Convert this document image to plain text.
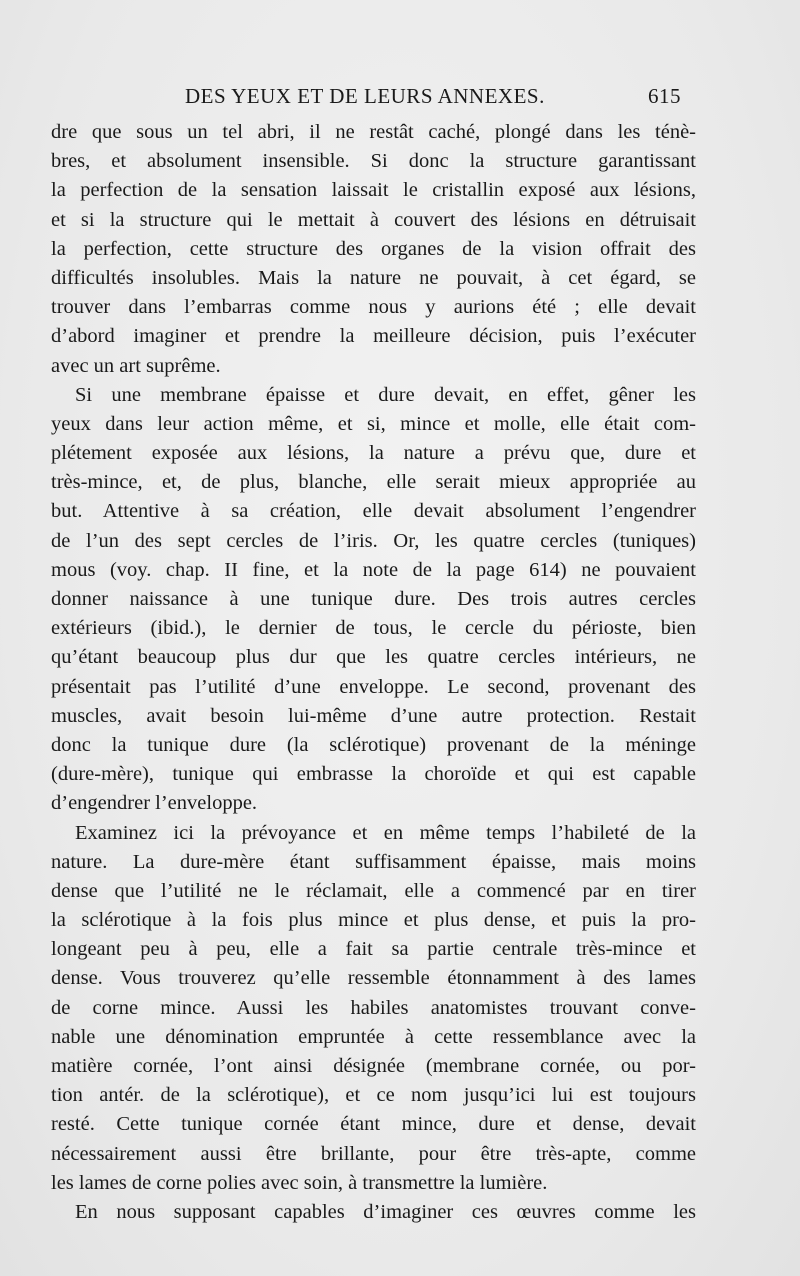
DES YEUX ET DE LEURS ANNEXES.	615
dre que sous un tel abri, il ne restât caché, plongé dans les ténè-
bres, et absolument insensible. Si donc la structure garantissant
la perfection de la sensation laissait le cristallin exposé aux lésions,
et si la structure qui le mettait à couvert des lésions en détruisait
la perfection, cette structure des organes de la vision offrait des
difficultés insolubles. Mais la nature ne pouvait, à cet égard, se
trouver dans l’embarras comme nous y aurions été ; elle devait
d’abord imaginer et prendre la meilleure décision, puis l’exécuter
avec un art suprême.
Si une membrane épaisse et dure devait, en effet, gêner les
yeux dans leur action même, et si, mince et molle, elle était com-
plétement exposée aux lésions, la nature a prévu que, dure et
très-mince, et, de plus, blanche, elle serait mieux appropriée au
but. Attentive à sa création, elle devait absolument l’engendrer
de l’un des sept cercles de l’iris. Or, les quatre cercles (tuniques)
mous (voy. chap. II fine, et la note de la page 614) ne pouvaient
donner naissance à une tunique dure. Des trois autres cercles
extérieurs (ibid.), le dernier de tous, le cercle du périoste, bien
qu’étant beaucoup plus dur que les quatre cercles intérieurs, ne
présentait pas l’utilité d’une enveloppe. Le second, provenant des
muscles, avait besoin lui-même d’une autre protection. Restait
donc la tunique dure (la sclérotique) provenant de la méninge
(dure-mère), tunique qui embrasse la choroïde et qui est capable
d’engendrer l’enveloppe.
Examinez ici la prévoyance et en même temps l’habileté de la
nature. La dure-mère étant suffisamment épaisse, mais moins
dense que l’utilité ne le réclamait, elle a commencé par en tirer
la sclérotique à la fois plus mince et plus dense, et puis la pro-
longeant peu à peu, elle a fait sa partie centrale très-mince et
dense. Vous trouverez qu’elle ressemble étonnamment à des lames
de corne mince. Aussi les habiles anatomistes trouvant conve-
nable une dénomination empruntée à cette ressemblance avec la
matière cornée, l’ont ainsi désignée (membrane cornée, ou por-
tion antér. de la sclérotique), et ce nom jusqu’ici lui est toujours
resté. Cette tunique cornée étant mince, dure et dense, devait
nécessairement aussi être brillante, pour être très-apte, comme
les lames de corne polies avec soin, à transmettre la lumière.
En nous supposant capables d’imaginer ces œuvres comme les
